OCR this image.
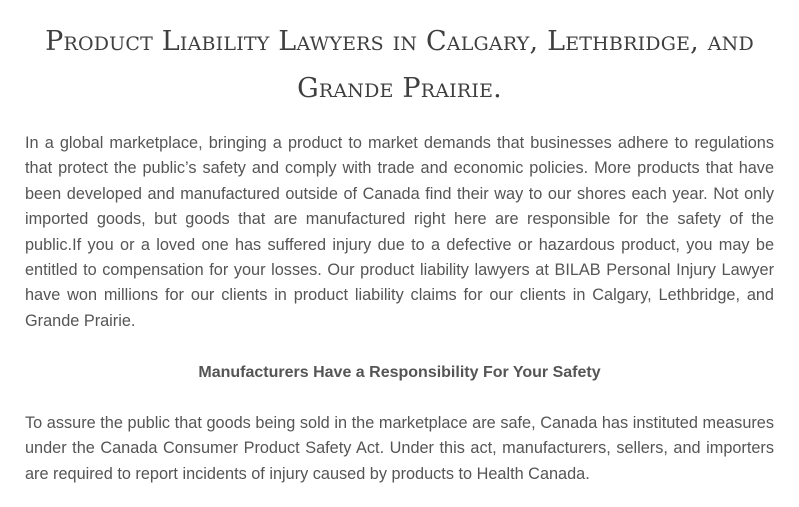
Product Liability Lawyers in Calgary, Lethbridge, and Grande Prairie.

In a global marketplace, bringing a product to market demands that businesses adhere to regulations that protect the public’s safety and comply with trade and economic policies. More products that have been developed and manufactured outside of Canada find their way to our shores each year. Not only imported goods, but goods that are manufactured right here are responsible for the safety of the public.If you or a loved one has suffered injury due to a defective or hazardous product, you may be entitled to compensation for your losses. Our product liability lawyers at BILAB Personal Injury Lawyer have won millions for our clients in product liability claims for our clients in Calgary, Lethbridge, and Grande Prairie.

Manufacturers Have a Responsibility For Your Safety

To assure the public that goods being sold in the marketplace are safe, Canada has instituted measures under the Canada Consumer Product Safety Act. Under this act, manufacturers, sellers, and importers are required to report incidents of injury caused by products to Health Canada.
